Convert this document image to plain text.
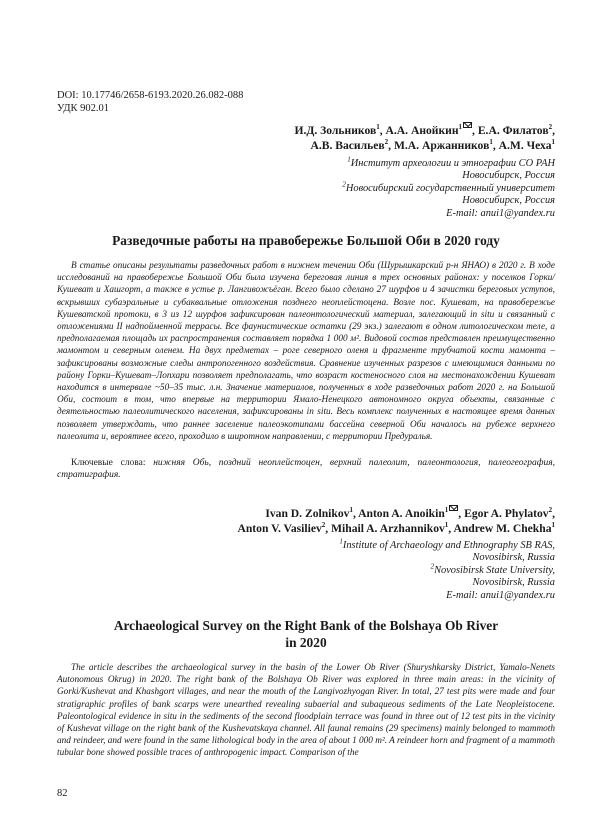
DOI: 10.17746/2658-6193.2020.26.082-088
УДК 902.01
И.Д. Зольников$^1$, А.А. Анойкин$^1$ , Е.А. Филатов$^2$,
А.В. Васильев$^2$, М.А. Аржанников$^1$, А.М. Чеха$^1$
$^1$Институт археологии и этнографии СО РАН
Новосибирск, Россия
$^2$Новосибирский государственный университет
Новосибирск, Россия
E-mail: anui1@yandex.ru
Разведочные работы на правобережье Большой Оби в 2020 году
В статье описаны результаты разведочных работ в нижнем течении Оби (Шурышкарский р-н ЯНАО) в 2020 г. В ходе исследований на правобережье Большой Оби была изучена береговая линия в трех основных районах: у поселков Горки/Кушеват и Хашгорт, а также в устье р. Лангивожъёган. Всего было сделано 27 шурфов и 4 зачистки береговых уступов, вскрывших субаэральные и субаквальные отложения позднего неоплейстоцена. Возле пос. Кушеват, на правобережье Кушеватской протоки, в 3 из 12 шурфов зафиксирован палеонтологический материал, залегающий in situ и связанный с отложениями II надпойменной террасы. Все фаунистические остатки (29 экз.) залегают в одном литологическом теле, а предполагаемая площадь их распространения составляет порядка 1 000 м². Видовой состав представлен преимущественно мамонтом и северным оленем. На двух предметах – роге северного оленя и фрагменте трубчатой кости мамонта – зафиксированы возможные следы антропогенного воздействия. Сравнение изученных разрезов с имеющимися данными по району Горки–Кушеват–Лопхари позволяет предполагать, что возраст костеносного слоя на местонахождении Кушеват находится в интервале ~50–35 тыс. л.н. Значение материалов, полученных в ходе разведочных работ 2020 г. на Большой Оби, состоит в том, что впервые на территории Ямало-Ненецкого автономного округа объекты, связанные с деятельностью палеолитического населения, зафиксированы in situ. Весь комплекс полученных в настоящее время данных позволяет утверждать, что раннее заселение палеоэкотипами бассейна северной Оби началось на рубеже верхнего палеолита и, вероятнее всего, проходило в широтном направлении, с территории Предуралья.
Ключевые слова: нижняя Обь, поздний неоплейстоцен, верхний палеолит, палеонтология, палеогеография, стратиграфия.
Ivan D. Zolnikov$^1$, Anton A. Anoikin$^1$ , Egor A. Phylatov$^2$,
Anton V. Vasiliev$^2$, Mihail A. Arzhannikov$^1$, Andrew M. Chekha$^1$
$^1$Institute of Archaeology and Ethnography SB RAS,
Novosibirsk, Russia
$^2$Novosibirsk State University,
Novosibirsk, Russia
E-mail: anui1@yandex.ru
Archaeological Survey on the Right Bank of the Bolshaya Ob River
in 2020
The article describes the archaeological survey in the basin of the Lower Ob River (Shuryshkarsky District, Yamalo-Nenets Autonomous Okrug) in 2020. The right bank of the Bolshaya Ob River was explored in three main areas: in the vicinity of Gorki/Kushevat and Khashgort villages, and near the mouth of the Langivozhyogan River. In total, 27 test pits were made and four stratigraphic profiles of bank scarps were unearthed revealing subaerial and subaqueous sediments of the Late Neopleistocene. Paleontological evidence in situ in the sediments of the second floodplain terrace was found in three out of 12 test pits in the vicinity of Kushevat village on the right bank of the Kushevatskaya channel. All faunal remains (29 specimens) mainly belonged to mammoth and reindeer, and were found in the same lithological body in the area of about 1 000 m². A reindeer horn and fragment of a mammoth tubular bone showed possible traces of anthropogenic impact. Comparison of the
82
